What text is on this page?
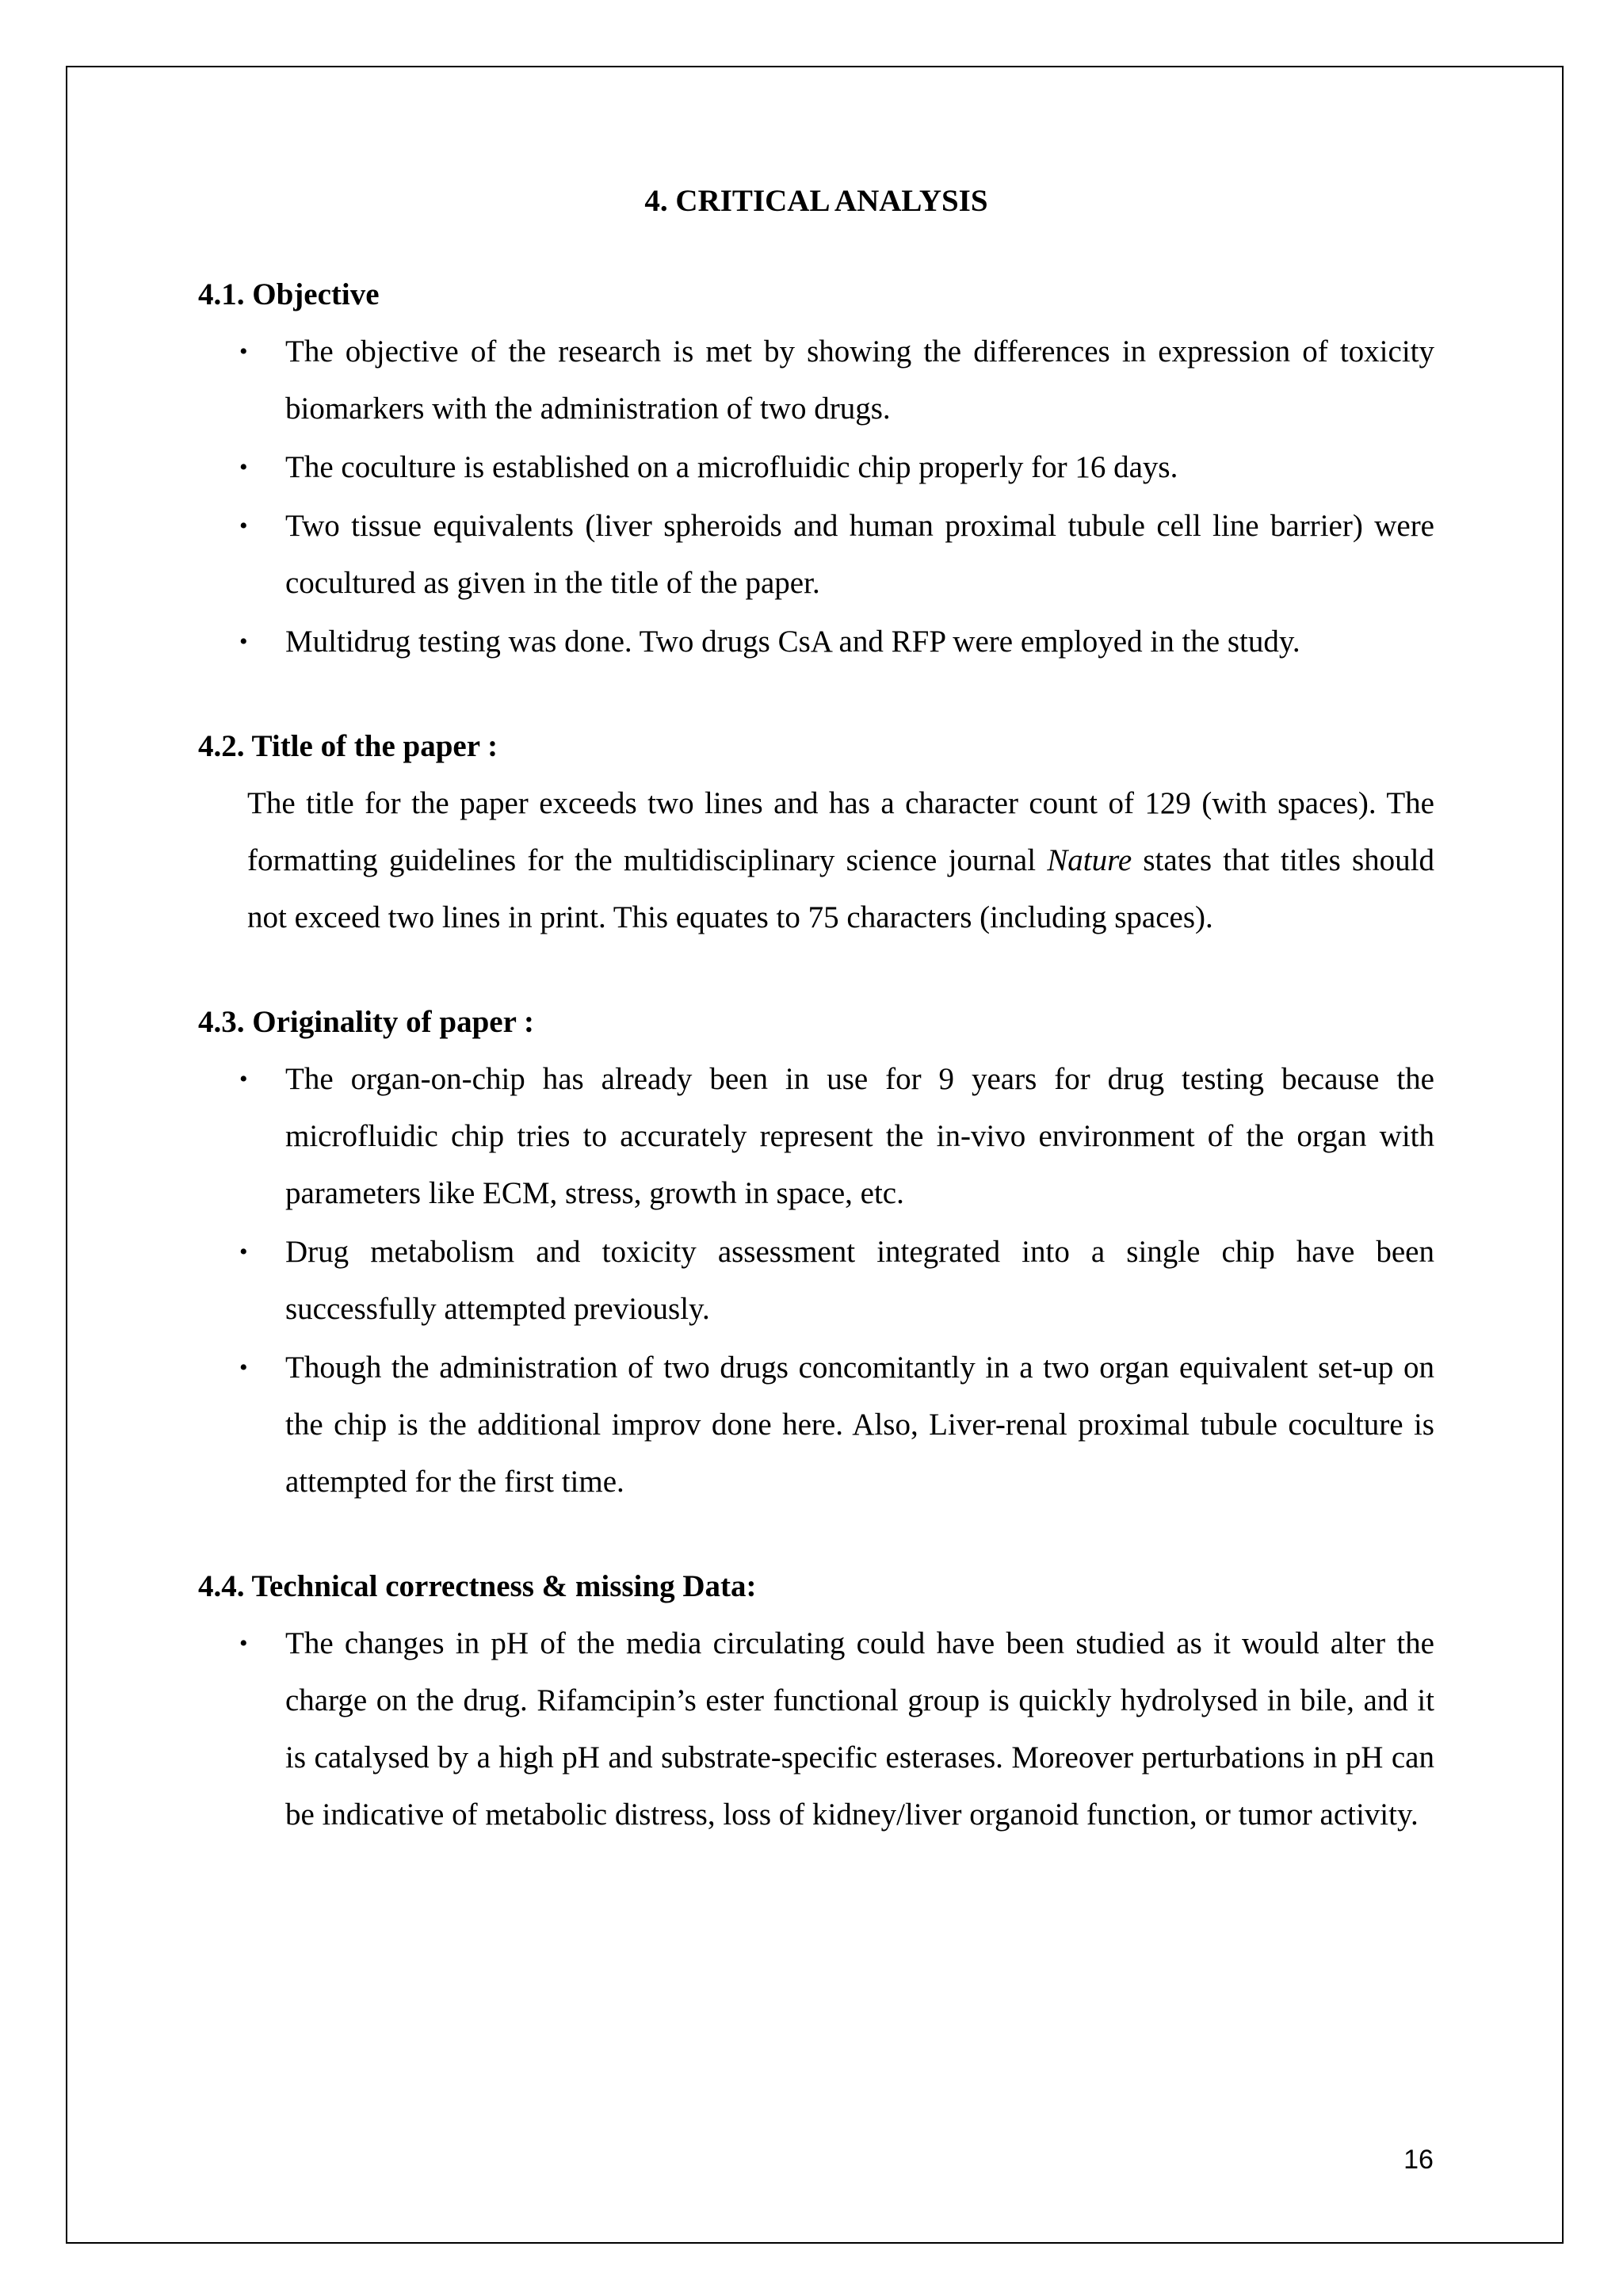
4. CRITICAL ANALYSIS
4.1. Objective
• The objective of the research is met by showing the differences in expression of toxicity biomarkers with the administration of two drugs.
• The coculture is established on a microfluidic chip properly for 16 days.
• Two tissue equivalents (liver spheroids and human proximal tubule cell line barrier) were cocultured as given in the title of the paper.
• Multidrug testing was done. Two drugs CsA and RFP were employed in the study.
4.2. Title of the paper :

The title for the paper exceeds two lines and has a character count of 129 (with spaces). The formatting guidelines for the multidisciplinary science journal Nature states that titles should not exceed two lines in print. This equates to 75 characters (including spaces).

4.3. Originality of paper :
• The organ-on-chip has already been in use for 9 years for drug testing because the microfluidic chip tries to accurately represent the in-vivo environment of the organ with parameters like ECM, stress, growth in space, etc.
• Drug metabolism and toxicity assessment integrated into a single chip have been successfully attempted previously.
• Though the administration of two drugs concomitantly in a two organ equivalent set-up on the chip is the additional improv done here. Also, Liver-renal proximal tubule coculture is attempted for the first time.
4.4. Technical correctness & missing Data:
• The changes in pH of the media circulating could have been studied as it would alter the charge on the drug. Rifamcipin’s ester functional group is quickly hydrolysed in bile, and it is catalysed by a high pH and substrate-specific esterases. Moreover perturbations in pH can be indicative of metabolic distress, loss of kidney/liver organoid function, or tumor activity.
16
